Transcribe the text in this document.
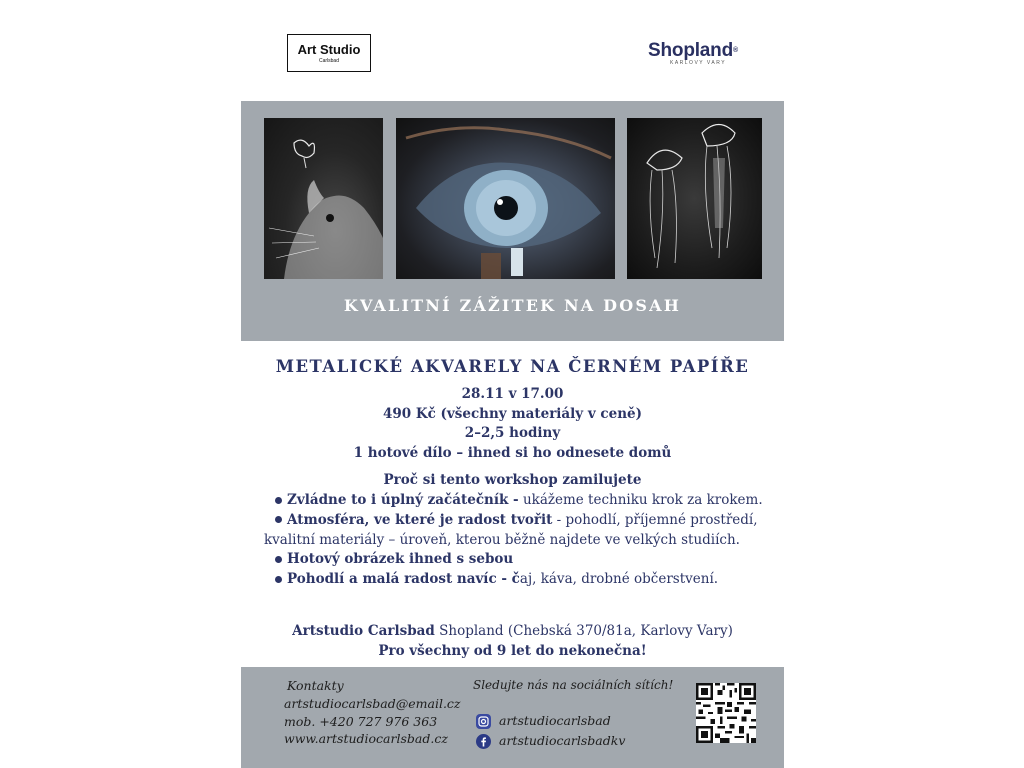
Art Studio
Carlsbad	Shopland®
KARLOVY VARY
KVALITNÍ ZÁŽITEK NA DOSAH
METALICKÉ AKVARELY NA ČERNÉM PAPÍŘE
28.11 v 17.00
490 Kč (všechny materiály v ceně)
2–2,5 hodiny
1 hotové dílo – ihned si ho odnesete domů
Proč si tento workshop zamilujete
Zvládne to i úplný začátečník - ukážeme techniku krok za krokem.
Atmosféra, ve které je radost tvořit - pohodlí, příjemné prostředí,
kvalitní materiály – úroveň, kterou běžně najdete ve velkých studiích.
Hotový obrázek ihned s sebou
Pohodlí a malá radost navíc - čaj, káva, drobné občerstvení.
Artstudio Carlsbad Shopland (Chebská 370/81a, Karlovy Vary)
Pro všechny od 9 let do nekonečna!
Kontakty
artstudiocarlsbad@email.cz
mob. +420 727 976 363
www.artstudiocarlsbad.cz
Sledujte nás na sociálních sítích!
artstudiocarlsbad
artstudiocarlsbadkv
